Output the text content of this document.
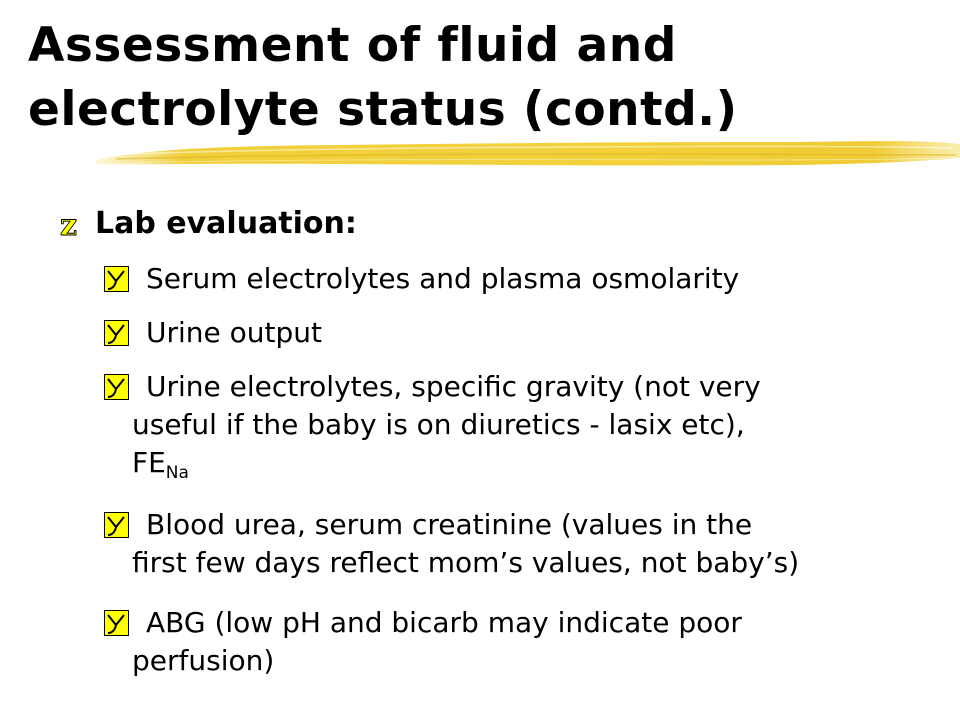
Assessment of fluid and
electrolyte status (contd.)
z Lab evaluation:
Serum electrolytes and plasma osmolarity
Urine output
Urine electrolytes, specific gravity (not very
useful if the baby is on diuretics - lasix etc),
$FE_{Na}$
Blood urea, serum creatinine (values in the
first few days reflect mom’s values, not baby’s)
ABG (low pH and bicarb may indicate poor
perfusion)
